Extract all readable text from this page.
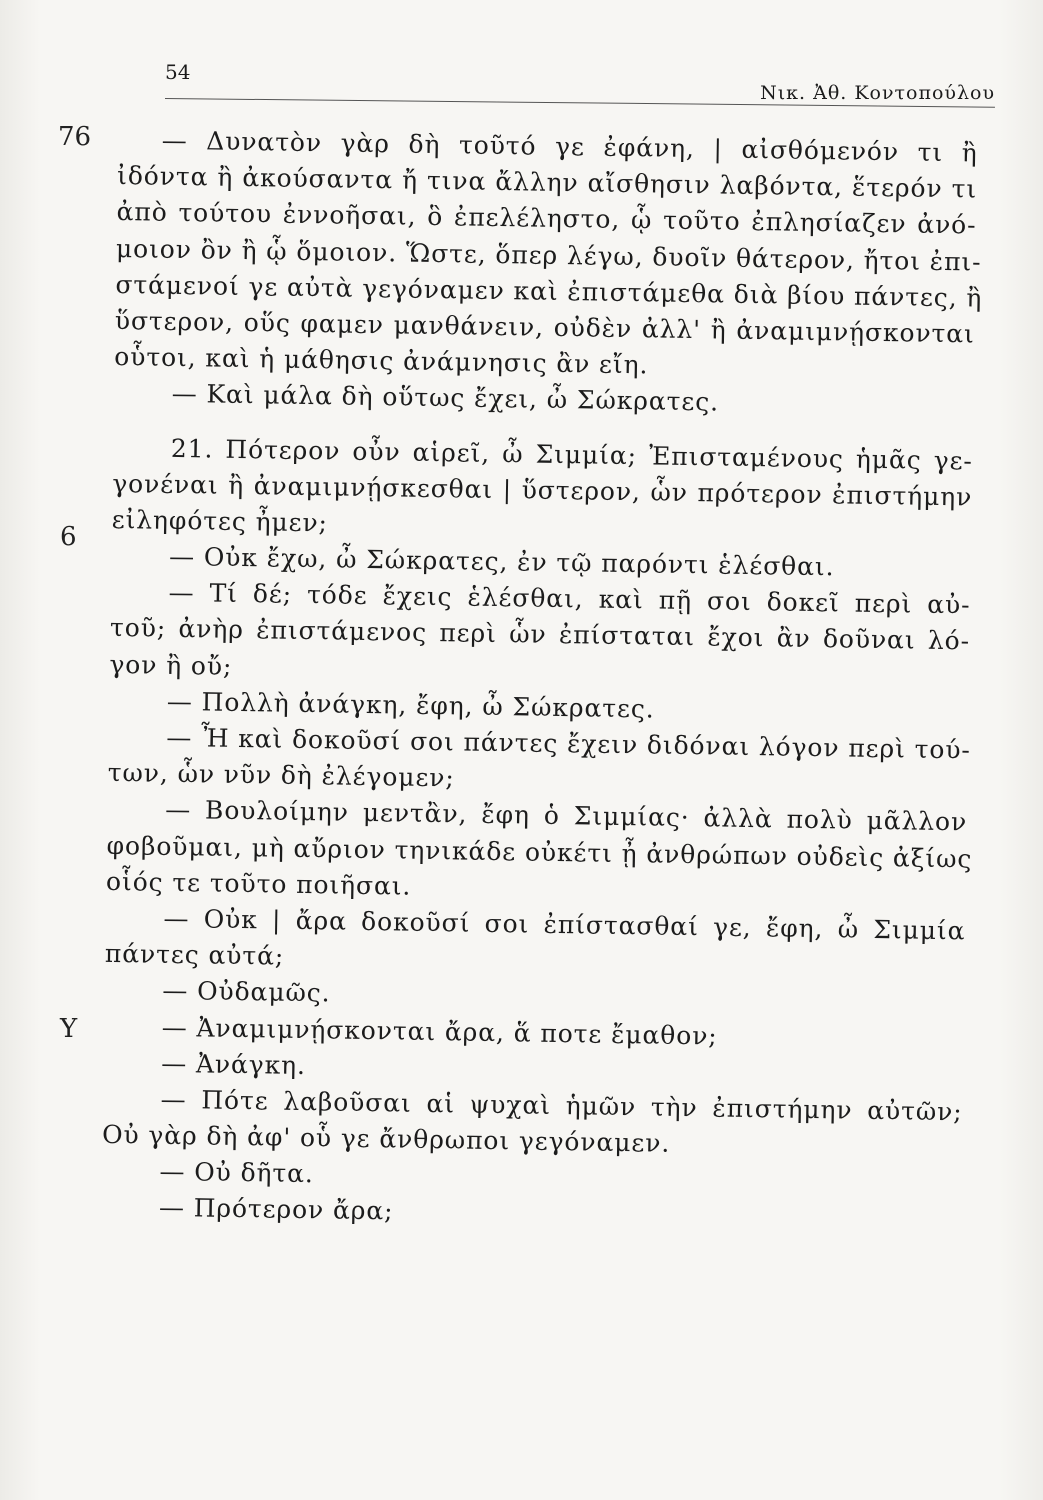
54
Νικ. Ἀθ. Κοντοπούλου
76
6
Υ
— Δυνατὸν γὰρ δὴ τοῦτό γε ἐφάνη, | αἰσθόμενόν τι ἢ
ἰδόντα ἢ ἀκούσαντα ἤ τινα ἄλλην αἴσθησιν λαβόντα, ἕτερόν τι
ἀπὸ τούτου ἐννοῆσαι, ὃ ἐπελέληστο, ᾧ τοῦτο ἐπλησίαζεν ἀνό-
μοιον ὂν ἢ ᾧ ὅμοιον. Ὥστε, ὅπερ λέγω, δυοῖν θάτερον, ἤτοι ἐπι-
στάμενοί γε αὐτὰ γεγόναμεν καὶ ἐπιστάμεθα διὰ βίου πάντες, ἢ
ὕστερον, οὕς φαμεν μανθάνειν, οὐδὲν ἀλλ' ἢ ἀναμιμνῄσκονται
οὗτοι, καὶ ἡ μάθησις ἀνάμνησις ἂν εἴη.
— Καὶ μάλα δὴ οὕτως ἔχει, ὦ Σώκρατες.
21. Πότερον οὖν αἱρεῖ, ὦ Σιμμία; Ἐπισταμένους ἡμᾶς γε-
γονέναι ἢ ἀναμιμνῄσκεσθαι | ὕστερον, ὧν πρότερον ἐπιστήμην
εἰληφότες ἦμεν;
— Οὐκ ἔχω, ὦ Σώκρατες, ἐν τῷ παρόντι ἑλέσθαι.
— Τί δέ; τόδε ἔχεις ἑλέσθαι, καὶ πῇ σοι δοκεῖ περὶ αὐ-
τοῦ; ἀνὴρ ἐπιστάμενος περὶ ὧν ἐπίσταται ἔχοι ἂν δοῦναι λό-
γον ἢ οὔ;
— Πολλὴ ἀνάγκη, ἔφη, ὦ Σώκρατες.
— Ἦ καὶ δοκοῦσί σοι πάντες ἔχειν διδόναι λόγον περὶ τού-
των, ὧν νῦν δὴ ἐλέγομεν;
— Βουλοίμην μεντἂν, ἔφη ὁ Σιμμίας· ἀλλὰ πολὺ μᾶλλον
φοβοῦμαι, μὴ αὔριον τηνικάδε οὐκέτι ᾖ ἀνθρώπων οὐδεὶς ἀξίως
οἷός τε τοῦτο ποιῆσαι.
— Οὐκ | ἄρα δοκοῦσί σοι ἐπίστασθαί γε, ἔφη, ὦ Σιμμία
πάντες αὐτά;
— Οὐδαμῶς.
— Ἀναμιμνῄσκονται ἄρα, ἅ ποτε ἔμαθον;
— Ἀνάγκη.
— Πότε λαβοῦσαι αἱ ψυχαὶ ἡμῶν τὴν ἐπιστήμην αὐτῶν;
Οὐ γὰρ δὴ ἀφ' οὗ γε ἄνθρωποι γεγόναμεν.
— Οὐ δῆτα.
— Πρότερον ἄρα;
